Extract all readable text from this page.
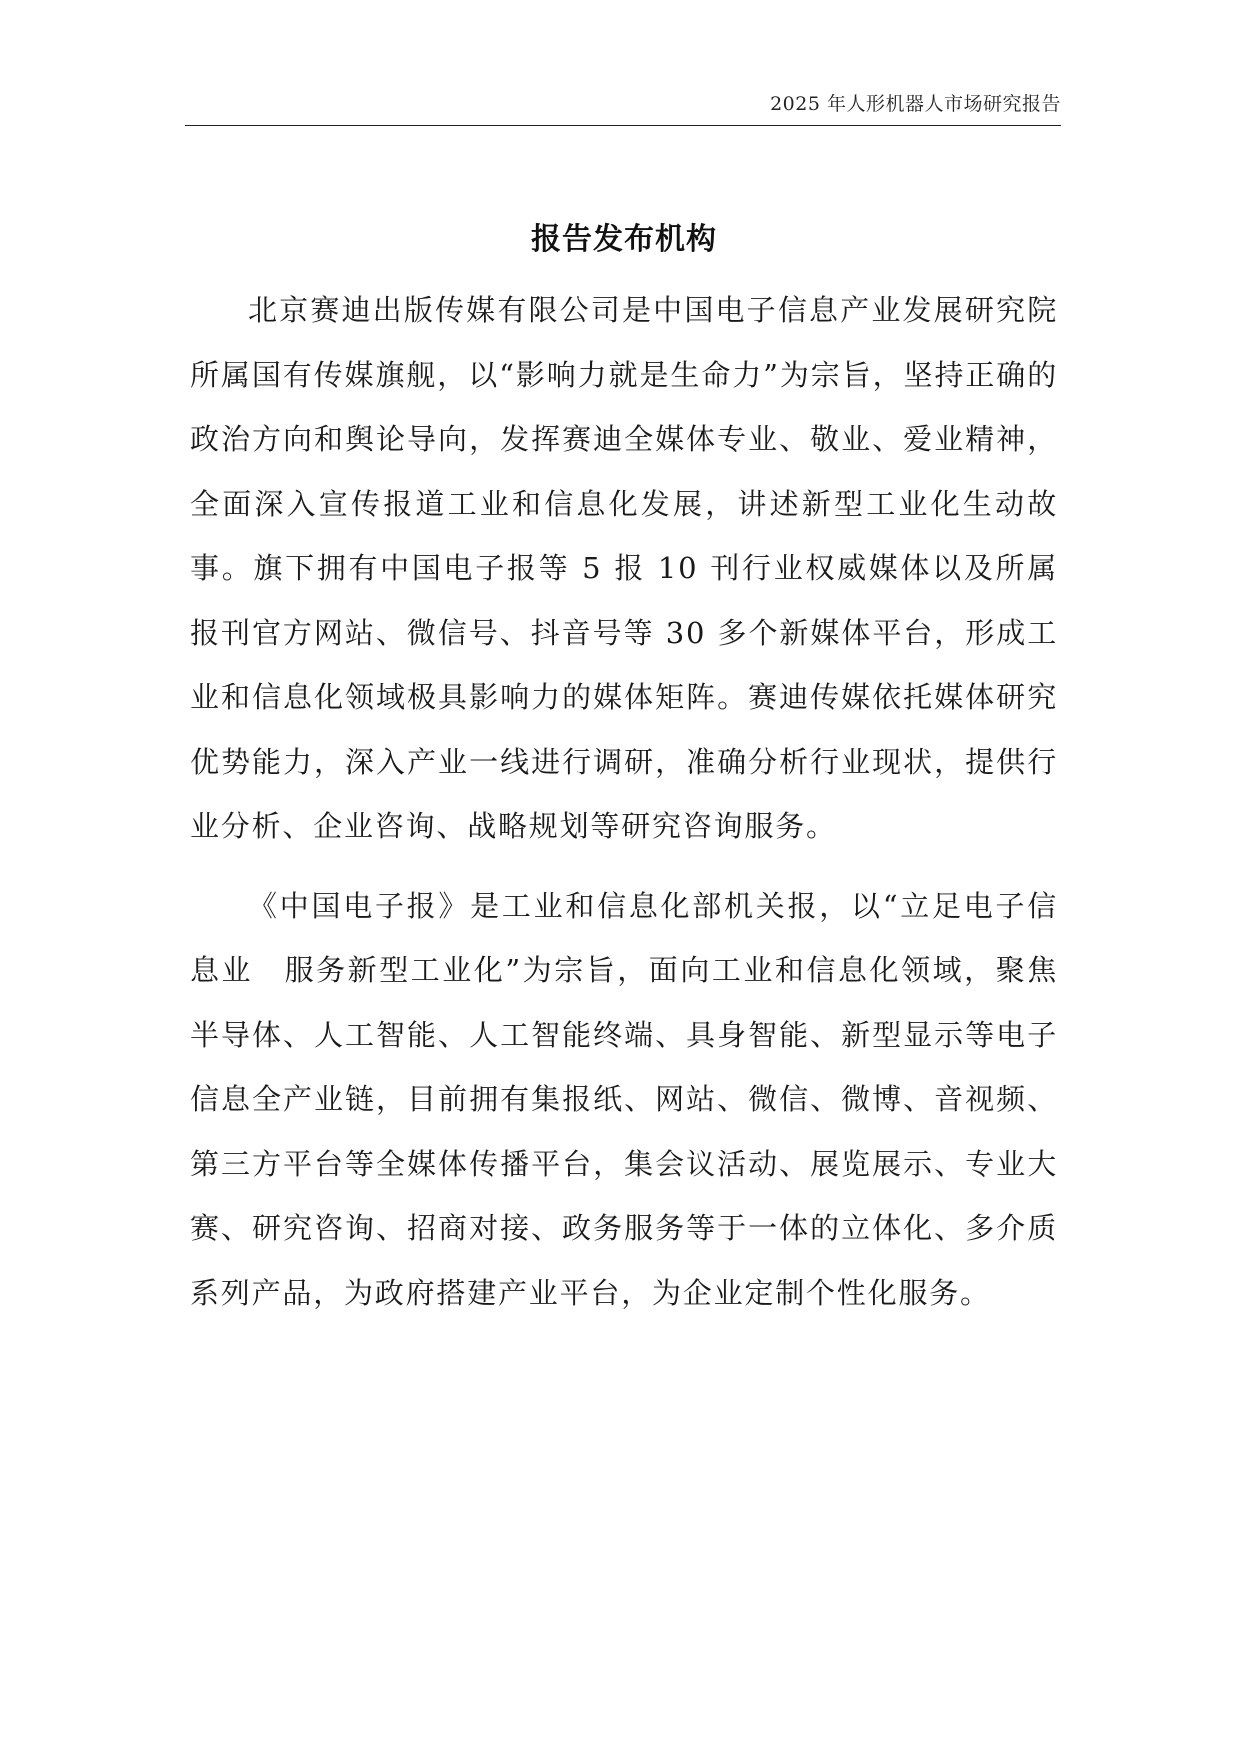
2025 年人形机器人市场研究报告
报告发布机构

北京赛迪出版传媒有限公司是中国电子信息产业发展研究院所属国有传媒旗舰，以“影响力就是生命力”为宗旨，坚持正确的政治方向和舆论导向，发挥赛迪全媒体专业、敬业、爱业精神，全面深入宣传报道工业和信息化发展，讲述新型工业化生动故事。旗下拥有中国电子报等 5 报 10 刊行业权威媒体以及所属报刊官方网站、微信号、抖音号等 30 多个新媒体平台，形成工业和信息化领域极具影响力的媒体矩阵。赛迪传媒依托媒体研究优势能力，深入产业一线进行调研，准确分析行业现状，提供行业分析、企业咨询、战略规划等研究咨询服务。

《中国电子报》是工业和信息化部机关报，以“立足电子信息业　服务新型工业化”为宗旨，面向工业和信息化领域，聚焦半导体、人工智能、人工智能终端、具身智能、新型显示等电子信息全产业链，目前拥有集报纸、网站、微信、微博、音视频、第三方平台等全媒体传播平台，集会议活动、展览展示、专业大赛、研究咨询、招商对接、政务服务等于一体的立体化、多介质系列产品，为政府搭建产业平台，为企业定制个性化服务。
